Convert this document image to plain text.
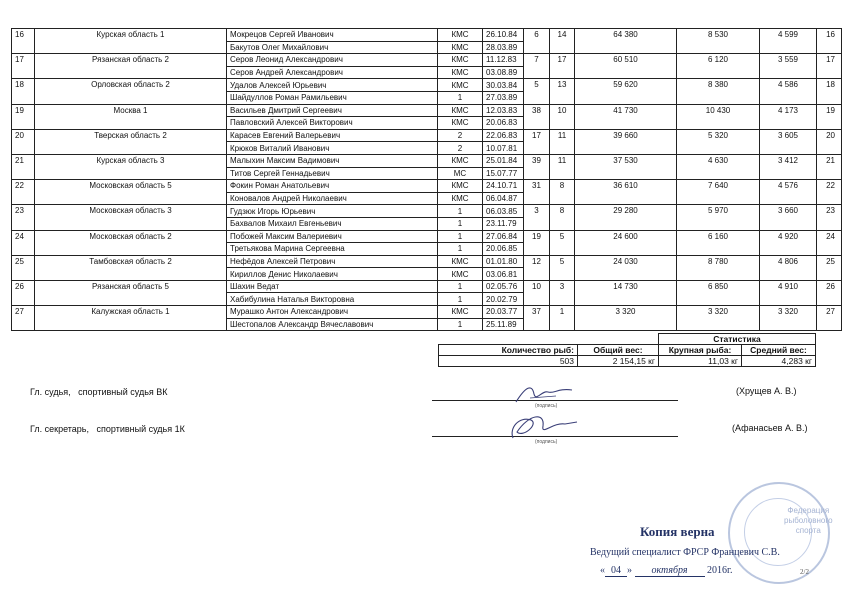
16	Курская область 1	Мокрецов Сергей Иванович	КМС	26.10.84	6	14	64 380	8 530	4 599	16
		Бакутов Олег Михайлович	КМС	28.03.89						
17	Рязанская область 2	Серов Леонид Александрович	КМС	11.12.83	7	17	60 510	6 120	3 559	17
		Серов Андрей Александрович	КМС	03.08.89						
18	Орловская область 2	Удалов Алексей Юрьевич	КМС	30.03.84	5	13	59 620	8 380	4 586	18
		Шайдуллов Роман Рамильевич	1	27.03.89						
19	Москва 1	Васильев Дмитрий Сергеевич	КМС	12.03.83	38	10	41 730	10 430	4 173	19
		Павловский Алексей Викторович	КМС	20.06.83						
20	Тверская область 2	Карасев Евгений Валерьевич	2	22.06.83	17	11	39 660	5 320	3 605	20
		Крюков Виталий Иванович	2	10.07.81						
21	Курская область 3	Малыхин Максим Вадимович	КМС	25.01.84	39	11	37 530	4 630	3 412	21
		Титов Сергей Геннадьевич	МС	15.07.77						
22	Московская область 5	Фокин Роман Анатольевич	КМС	24.10.71	31	8	36 610	7 640	4 576	22
		Коновалов Андрей Николаевич	КМС	06.04.87						
23	Московская область 3	Гудзюк Игорь Юрьевич	1	06.03.85	3	8	29 280	5 970	3 660	23
		Бахвалов Михаил Евгеньевич	1	23.11.79						
24	Московская область 2	Побожей Максим Валериевич	1	27.06.84	19	5	24 600	6 160	4 920	24
		Третьякова Марина Сергеевна	1	20.06.85						
25	Тамбовская область 2	Нефёдов Алексей Петрович	КМС	01.01.80	12	5	24 030	8 780	4 806	25
		Кириллов Денис Николаевич	КМС	03.06.81						
26	Рязанская область 5	Шахин Ведат	1	02.05.76	10	3	14 730	6 850	4 910	26
		Хабибулина Наталья Викторовна	1	20.02.79						
27	Калужская область 1	Мурашко Антон Александрович	КМС	20.03.77	37	1	3 320	3 320	3 320	27
		Шестопалов Александр Вячеславович	1	25.11.89						
		Статистика	
Количество рыб:	Общий вес:	Крупная рыба:	Средний вес:
503	2 154,15 кг	11,03 кг	4,283 кг
Гл. судья, спортивный судья ВК
(подпись)
(Хрущев А. В.)
Гл. секретарь, спортивный судья 1К
(подпись)
(Афанасьев А. В.)
Федерация
рыболовного
спорта
Копия верна
Ведущий специалист ФРСР Францевич С.В.
« 04 » октября 2016г.	2/2
